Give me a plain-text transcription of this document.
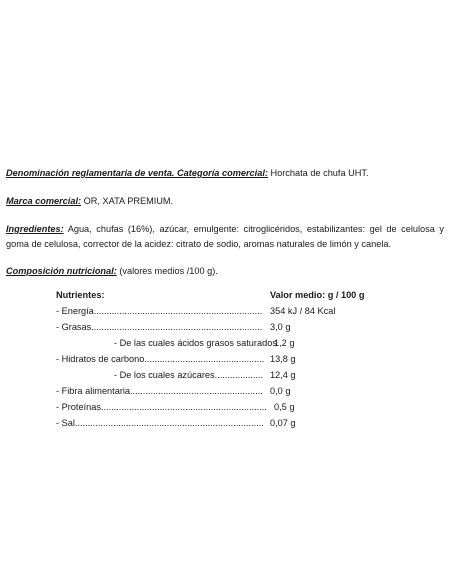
Denominación reglamentaria de venta. Categoría comercial: Horchata de chufa UHT.
Marca comercial: OR, XATA PREMIUM.
Ingredientes: Agua, chufas (16%), azúcar, emulgente: citroglicéridos, estabilizantes: gel de celulosa y goma de celulosa, corrector de la acidez: citrato de sodio, aromas naturales de limón y canela.
Composición nutricional: (valores medios /100 g).
Nutrientes:	Valor medio: g / 100 g
- Energía.................................................................. 354 kJ / 84 Kcal
- Grasas................................................................... 3,0 g
- De las cuales ácidos grasos saturados
1,2 g
- Hidratos de carbono............................................... 13,8 g
- De los cuales azúcares................... 12,4 g
- Fibra alimentaria.................................................... 0,0 g
- Proteínas................................................................. 0,5 g
- Sal.......................................................................... 0,07 g
